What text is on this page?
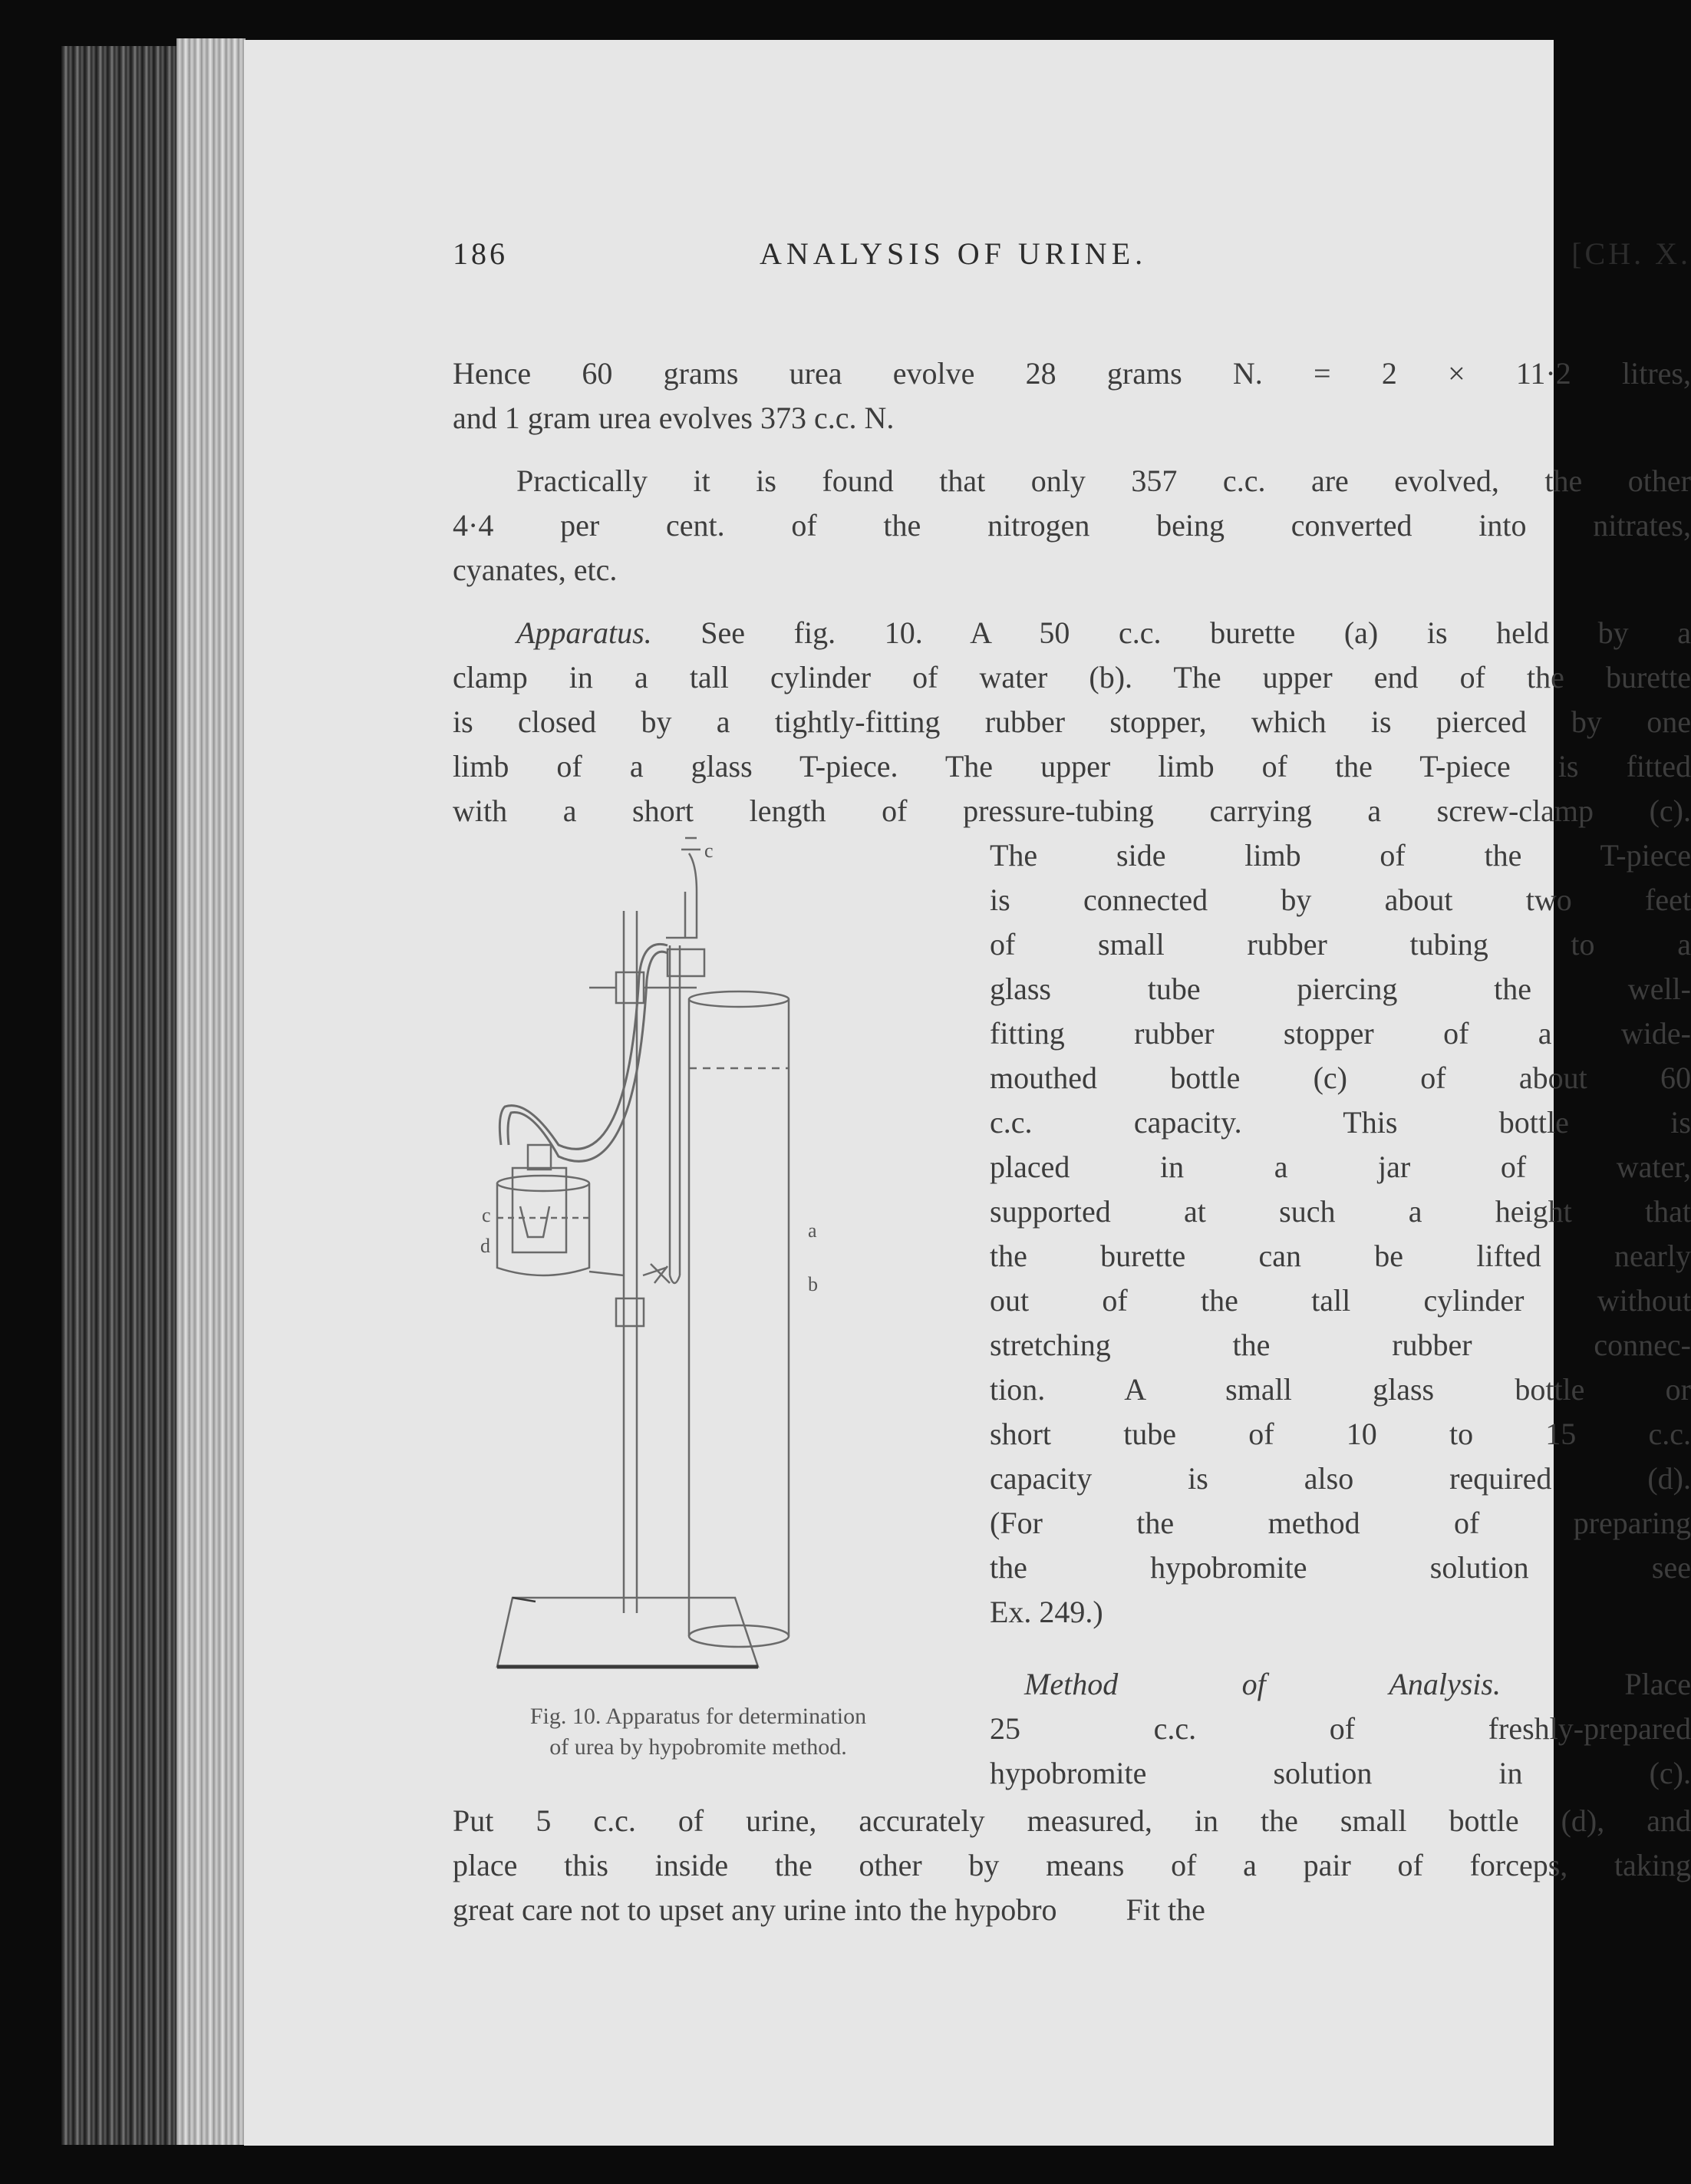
186	ANALYSIS OF URINE.	[CH. X.
Hence 60 grams urea evolve 28 grams N. = 2 × 11·2 litres,
and 1 gram urea evolves 373 c.c. N.
Practically it is found that only 357 c.c. are evolved, the other
4·4 per cent. of the nitrogen being converted into nitrates,
cyanates, etc.
Apparatus. See fig. 10. A 50 c.c. burette (a) is held by a
clamp in a tall cylinder of water (b). The upper end of the burette
is closed by a tightly-fitting rubber stopper, which is pierced by one
limb of a glass T-piece. The upper limb of the T-piece is fitted
with a short length of pressure-tubing carrying a screw-clamp (c).
The side limb of the T-piece
is connected by about two feet
of small rubber tubing to a
glass tube piercing the well-
fitting rubber stopper of a wide-
mouthed bottle (c) of about 60
c.c. capacity. This bottle is
placed in a jar of water,
supported at such a height that
the burette can be lifted nearly
out of the tall cylinder without
stretching the rubber connec-
tion. A small glass bottle or
short tube of 10 to 15 c.c.
capacity is also required (d).
(For the method of preparing
the hypobromite solution see
Ex. 249.)
Method of Analysis. Place
25 c.c. of freshly-prepared
hypobromite solution in (c).
Put 5 c.c. of urine, accurately measured, in the small bottle (d), and
place this inside the other by means of a pair of forceps, taking
great care not to upset any urine into the hypobro         Fit the
c
a
b
c
d
Fig. 10. Apparatus for determination
of urea by hypobromite method.
